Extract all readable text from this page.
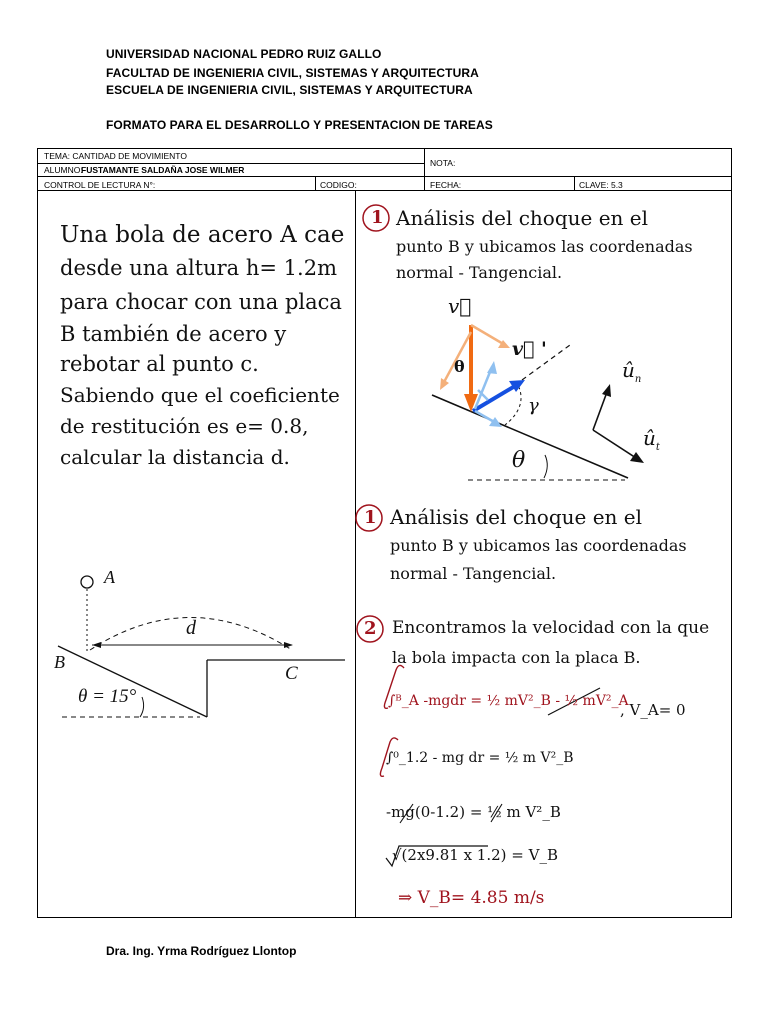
UNIVERSIDAD NACIONAL PEDRO RUIZ GALLO
FACULTAD DE INGENIERIA CIVIL, SISTEMAS Y ARQUITECTURA
ESCUELA DE INGENIERIA CIVIL, SISTEMAS Y ARQUITECTURA
FORMATO PARA EL DESARROLLO Y PRESENTACION DE TAREAS
TEMA: CANTIDAD DE MOVIMIENTO
NOTA:
ALUMNO:
FUSTAMANTE SALDAÑA JOSE WILMER
CONTROL DE LECTURA N°:	CODIGO:	FECHA:	CLAVE: 5.3
Una bola de acero A cae
desde una altura h= 1.2m
para chocar con una placa
B también de acero y
rebotar al punto c.
Sabiendo que el coeficiente
de restitución es e= 0.8,
calcular la distancia d.
A
B
C
d
θ = 15°
1 Análisis del choque en el
punto B y ubicamos las coordenadas
normal - Tangencial.
v⃗
v⃗ '
θ
γ
θ
$û_n$
$û_t$
1 Análisis del choque en el
punto B y ubicamos las coordenadas
normal - Tangencial.
2 Encontramos la velocidad con la que
la bola impacta con la placa B.
∫ᴮ_A -mgdr = ½ mV²_B - ½ mV²_A
, V_A= 0
∫⁰_1.2 - mg dr = ½ m V²_B
-mg(0-1.2) = ½ m V²_B
√(2x9.81 x 1.2) = V_B
⇒ V_B= 4.85 m/s
Dra. Ing. Yrma Rodríguez Llontop
